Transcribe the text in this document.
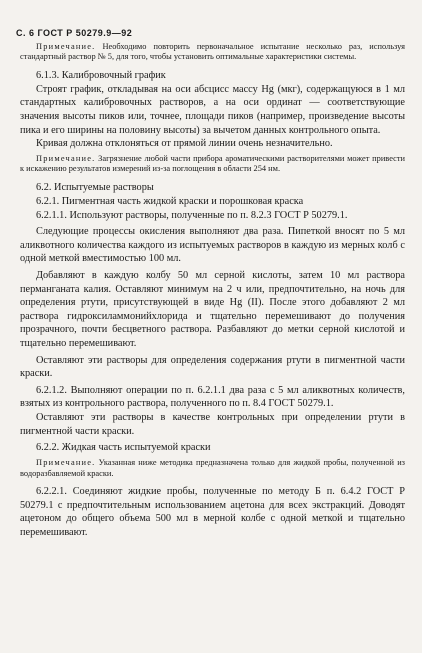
С. 6 ГОСТ Р 50279.9—92

Примечание. Необходимо повторить первоначальное испытание несколько раз, используя стандартный раствор № 5, для того, чтобы установить оптимальные характеристики системы.

6.1.3. Калибровочный график

Строят график, откладывая на оси абсцисс массу Hg (мкг), содержащуюся в 1 мл стандартных калибровочных растворов, а на оси ординат — соответствующие значения высоты пиков или, точнее, площади пиков (например, произведение высоты пика и его ширины на половину высоты) за вычетом данных контрольного опыта.

Кривая должна отклоняться от прямой линии очень незначительно.

Примечание. Загрязнение любой части прибора ароматическими растворителями может привести к искажению результатов измерений из-за поглощения в области 254 нм.

6.2. Испытуемые растворы

6.2.1. Пигментная часть жидкой краски и порошковая краска

6.2.1.1. Используют растворы, полученные по п. 8.2.3 ГОСТ Р 50279.1.

Следующие процессы окисления выполняют два раза. Пипеткой вносят по 5 мл аликвотного количества каждого из испытуемых растворов в каждую из мерных колб с одной меткой вместимостью 100 мл.

Добавляют в каждую колбу 50 мл серной кислоты, затем 10 мл раствора перманганата калия. Оставляют минимум на 2 ч или, предпочтительно, на ночь для определения ртути, присутствующей в виде Hg (II). После этого добавляют 2 мл раствора гидроксиламмонийхлорида и тщательно перемешивают до получения прозрачного, почти бесцветного раствора. Разбавляют до метки серной кислотой и тщательно перемешивают.

Оставляют эти растворы для определения содержания ртути в пигментной части краски.

6.2.1.2. Выполняют операции по п. 6.2.1.1 два раза с 5 мл аликвотных количеств, взятых из контрольного раствора, полученного по п. 8.4 ГОСТ 50279.1.

Оставляют эти растворы в качестве контрольных при определении ртути в пигментной части краски.

6.2.2. Жидкая часть испытуемой краски

Примечание. Указанная ниже методика предназначена только для жидкой пробы, полученной из водоразбавляемой краски.

6.2.2.1. Соединяют жидкие пробы, полученные по методу Б п. 6.4.2 ГОСТ Р 50279.1 с предпочтительным использованием ацетона для всех экстракций. Доводят ацетоном до общего объема 500 мл в мерной колбе с одной меткой и тщательно перемешивают.
